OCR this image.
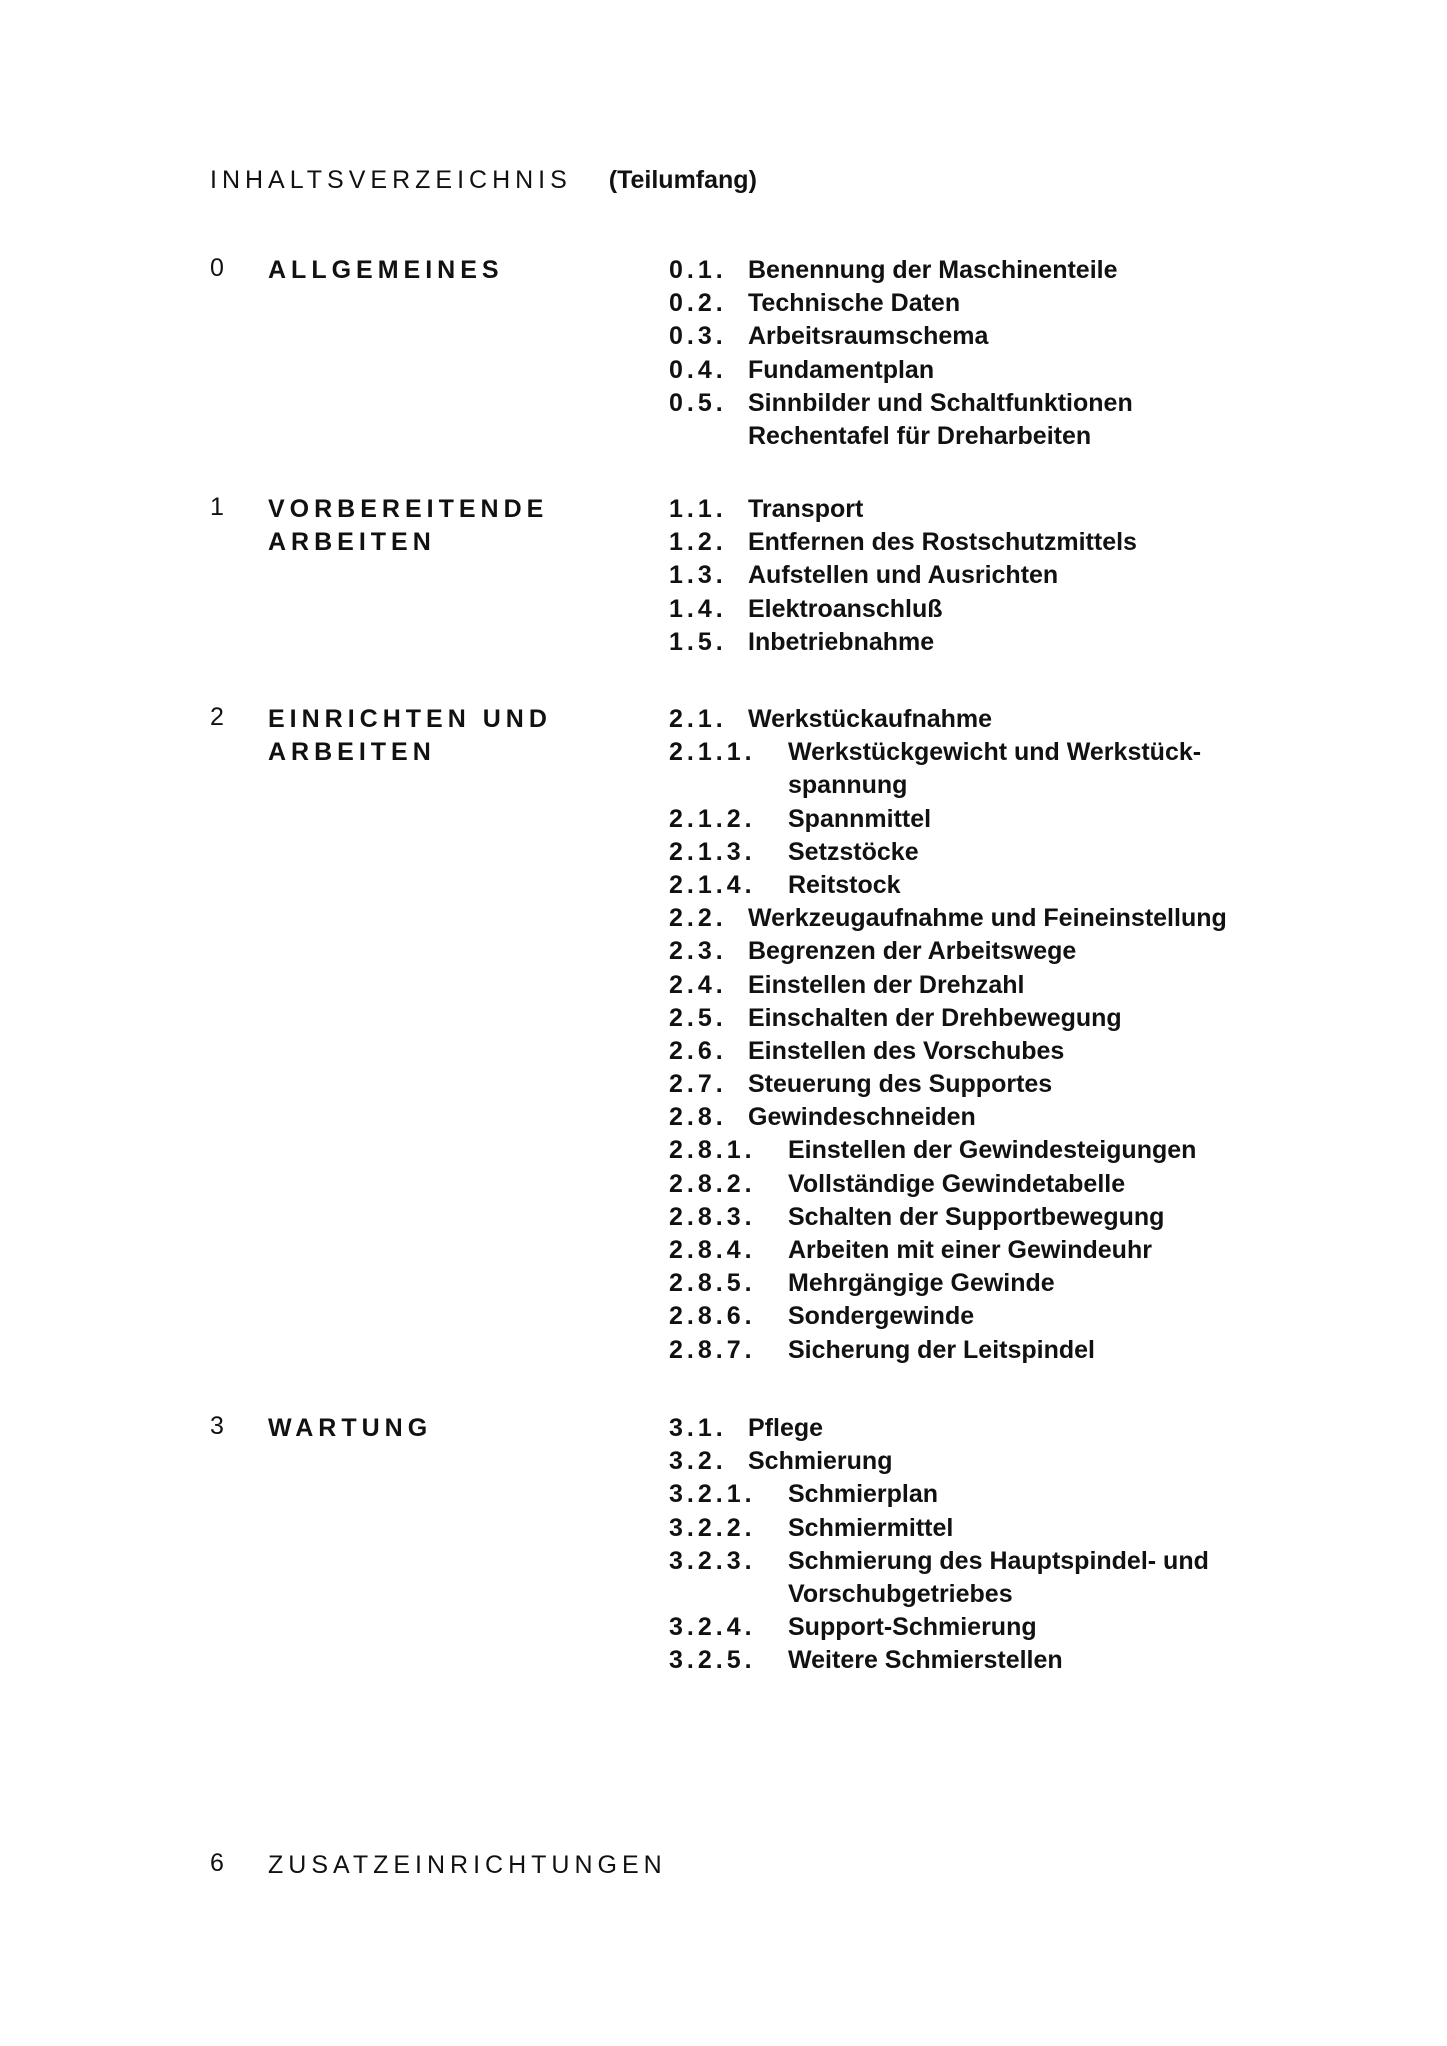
INHALTSVERZEICHNIS (Teilumfang)
0 ALLGEMEINES	0.1. Benennung der Maschinenteile
0.2. Technische Daten
0.3. Arbeitsraumschema
0.4. Fundamentplan
0.5. Sinnbilder und Schaltfunktionen
Rechentafel für Dreharbeiten
1 VORBEREITENDE
ARBEITEN
1.1. Transport
1.2. Entfernen des Rostschutzmittels
1.3. Aufstellen und Ausrichten
1.4. Elektroanschluß
1.5. Inbetriebnahme
2 EINRICHTEN UND
ARBEITEN
2.1. Werkstückaufnahme
2.1.1. Werkstückgewicht und Werkstück-
spannung
2.1.2. Spannmittel
2.1.3. Setzstöcke
2.1.4. Reitstock
2.2. Werkzeugaufnahme und Feineinstellung
2.3. Begrenzen der Arbeitswege
2.4. Einstellen der Drehzahl
2.5. Einschalten der Drehbewegung
2.6. Einstellen des Vorschubes
2.7. Steuerung des Supportes
2.8. Gewindeschneiden
2.8.1. Einstellen der Gewindesteigungen
2.8.2. Vollständige Gewindetabelle
2.8.3. Schalten der Supportbewegung
2.8.4. Arbeiten mit einer Gewindeuhr
2.8.5. Mehrgängige Gewinde
2.8.6. Sondergewinde
2.8.7. Sicherung der Leitspindel
3 WARTUNG	3.1. Pflege
3.2. Schmierung
3.2.1. Schmierplan
3.2.2. Schmiermittel
3.2.3. Schmierung des Hauptspindel- und
Vorschubgetriebes
3.2.4. Support-Schmierung
3.2.5. Weitere Schmierstellen
6 ZUSATZEINRICHTUNGEN
